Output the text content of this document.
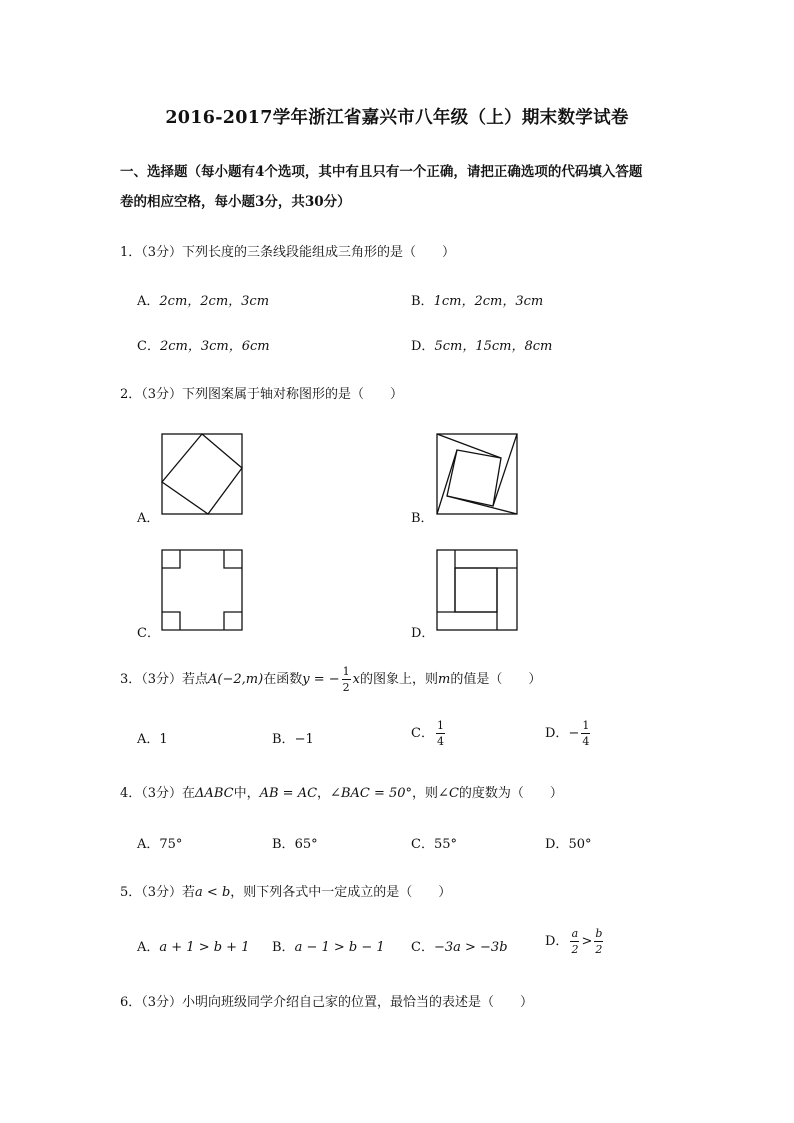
2016-2017学年浙江省嘉兴市八年级（上）期末数学试卷
一、选择题（每小题有4个选项，其中有且只有一个正确，请把正确选项的代码填入答题
卷的相应空格，每小题3分，共30分）
1．（3分）下列长度的三条线段能组成三角形的是（　　）
A．2cm，2cm，3cm	B．1cm，2cm，3cm
C．2cm，3cm，6cm	D．5cm，15cm，8cm
2．（3分）下列图案属于轴对称图形的是（　　）
A．	B．
C．	D．
3．（3分）若点A(−2,m)在函数y = − $\frac{1}{2}$ x的图象上，则m的值是（　　）
A．1	B．−1	C． $\frac{1}{4}$	D．− $\frac{1}{4}$
4．（3分）在ΔABC中，AB = AC，∠BAC = 50°，则∠C的度数为（　　）
A．75°	B．65°	C．55°	D．50°
5．（3分）若a < b，则下列各式中一定成立的是（　　）
A．a + 1 > b + 1 B．a − 1 > b − 1 C．−3a > −3b	D． $\frac{a}{2} > \frac{b}{2}$
6．（3分）小明向班级同学介绍自己家的位置，最恰当的表述是（　　）
